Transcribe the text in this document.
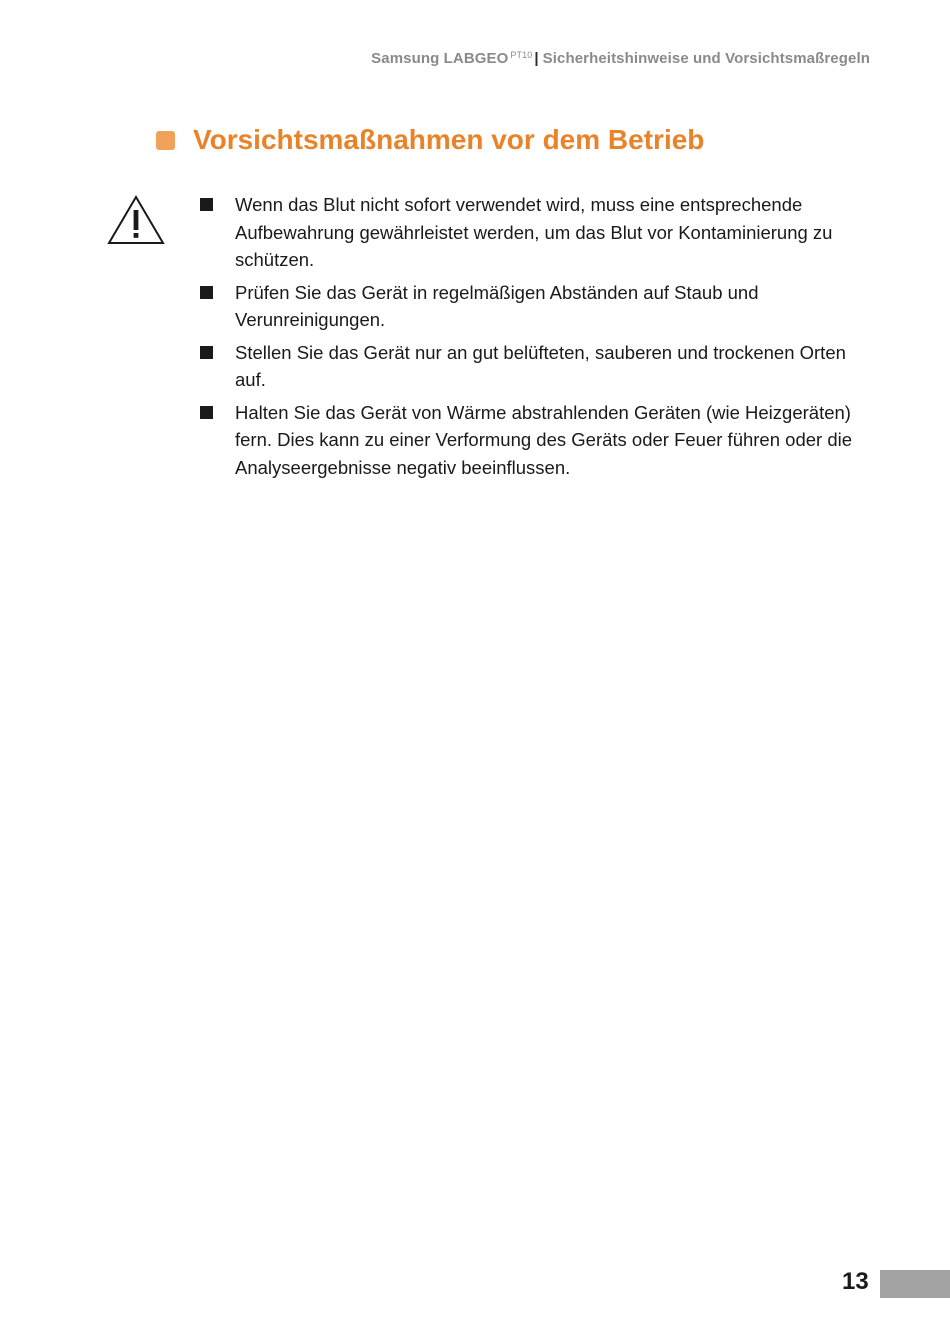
Samsung LABGEO $^{PT10}$ | Sicherheitshinweise und Vorsichtsmaßregeln
Vorsichtsmaßnahmen vor dem Betrieb
Wenn das Blut nicht sofort verwendet wird, muss eine entsprechende Aufbewahrung gewährleistet werden, um das Blut vor Kontaminierung zu schützen.
Prüfen Sie das Gerät in regelmäßigen Abständen auf Staub und Verunreinigungen.
Stellen Sie das Gerät nur an gut belüfteten, sauberen und trockenen Orten auf.
Halten Sie das Gerät von Wärme abstrahlenden Geräten (wie Heizgeräten) fern. Dies kann zu einer Verformung des Geräts oder Feuer führen oder die Analyseergebnisse negativ beeinflussen.
13
